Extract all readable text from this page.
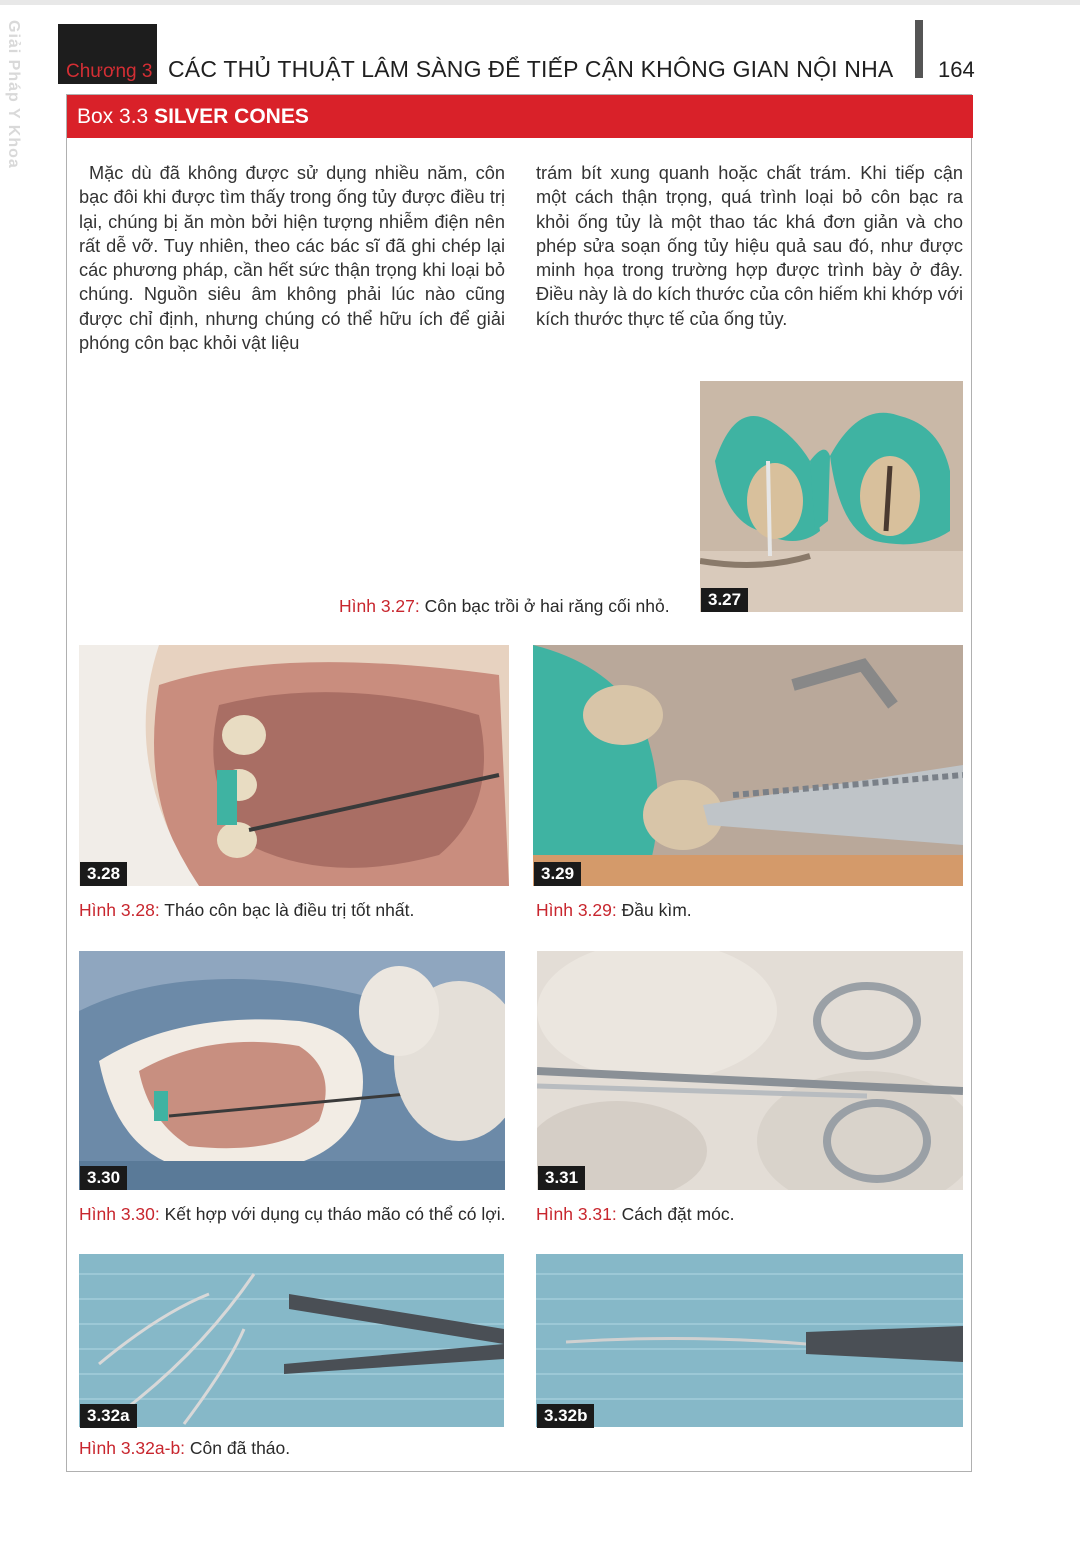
Giải Pháp Y Khoa Chương 3 CÁC THỦ THUẬT LÂM SÀNG ĐỂ TIẾP CẬN KHÔNG GIAN NỘI NHA 164
Box 3.3 SILVER CONES
Mặc dù đã không được sử dụng nhiều năm, côn bạc đôi khi được tìm thấy trong ống tủy được điều trị lại, chúng bị ăn mòn bởi hiện tượng nhiễm điện nên rất dễ vỡ. Tuy nhiên, theo các bác sĩ đã ghi chép lại các phương pháp, cần hết sức thận trọng khi loại bỏ chúng. Nguồn siêu âm không phải lúc nào cũng được chỉ định, nhưng chúng có thể hữu ích để giải phóng côn bạc khỏi vật liệu
trám bít xung quanh hoặc chất trám. Khi tiếp cận một cách thận trọng, quá trình loại bỏ côn bạc ra khỏi ống tủy là một thao tác khá đơn giản và cho phép sửa soạn ống tủy hiệu quả sau đó, như được minh họa trong trường hợp được trình bày ở đây. Điều này là do kích thước của côn hiếm khi khớp với kích thước thực tế của ống tủy.
3.27
Hình 3.27: Côn bạc trồi ở hai răng cối nhỏ.
3.28
Hình 3.28: Tháo côn bạc là điều trị tốt nhất.
3.29
Hình 3.29: Đầu kìm.
3.30
Hình 3.30: Kết hợp với dụng cụ tháo mão có thể có lợi.
3.31
Hình 3.31: Cách đặt móc.
3.32a	3.32b
Hình 3.32a-b: Côn đã tháo.
